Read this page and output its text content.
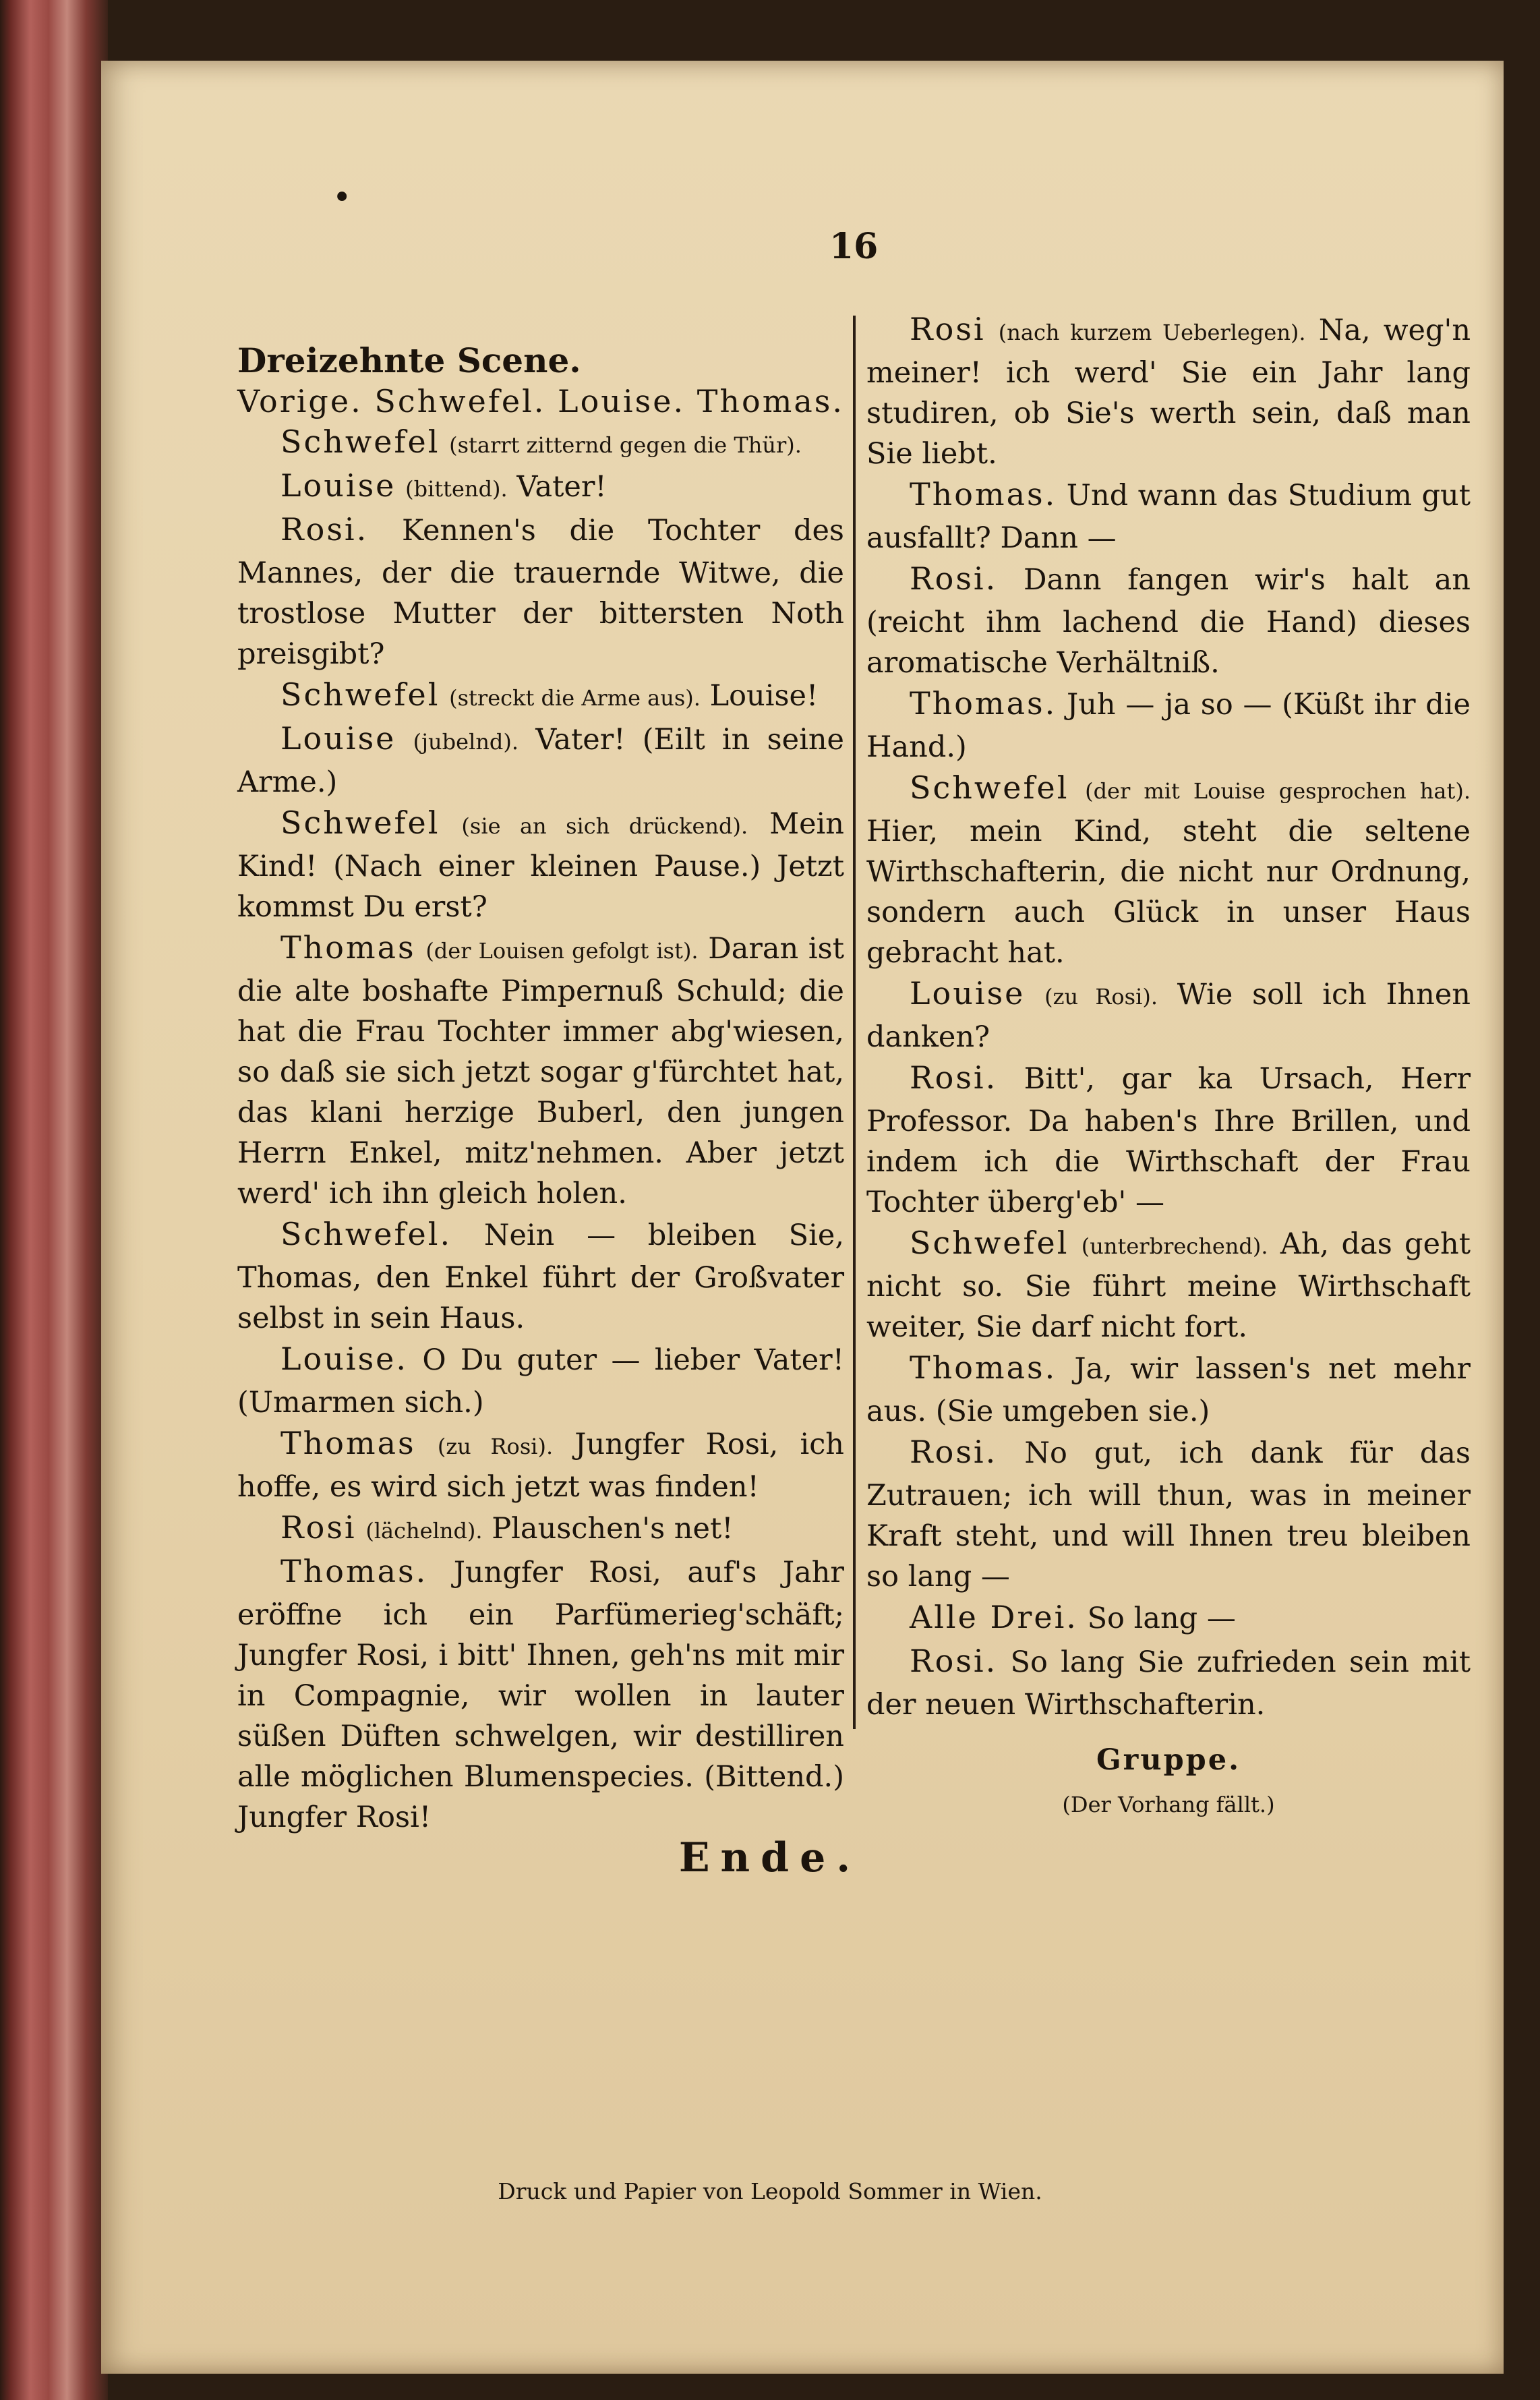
•
16

Dreizehnte Scene.

Vorige. Schwefel. Louise. Thomas.

Schwefel (starrt zitternd gegen die Thür).

Louise (bittend). Vater!

Rosi. Kennen's die Tochter des Mannes, der die trauernde Witwe, die trostlose Mutter der bittersten Noth preisgibt?

Schwefel (streckt die Arme aus). Louise!

Louise (jubelnd). Vater! (Eilt in seine Arme.)

Schwefel (sie an sich drückend). Mein Kind! (Nach einer kleinen Pause.) Jetzt kommst Du erst?

Thomas (der Louisen gefolgt ist). Daran ist die alte boshafte Pimpernuß Schuld; die hat die Frau Tochter immer abg'wiesen, so daß sie sich jetzt sogar g'fürchtet hat, das klani herzige Buberl, den jungen Herrn Enkel, mitz'nehmen. Aber jetzt werd' ich ihn gleich holen.

Schwefel. Nein — bleiben Sie, Thomas, den Enkel führt der Großvater selbst in sein Haus.

Louise. O Du guter — lieber Vater! (Umarmen sich.)

Thomas (zu Rosi). Jungfer Rosi, ich hoffe, es wird sich jetzt was finden!

Rosi (lächelnd). Plauschen's net!

Thomas. Jungfer Rosi, auf's Jahr eröffne ich ein Parfümerieg'schäft; Jungfer Rosi, i bitt' Ihnen, geh'ns mit mir in Compagnie, wir wollen in lauter süßen Düften schwelgen, wir destilliren alle möglichen Blumenspecies. (Bittend.) Jungfer Rosi!

Rosi (nach kurzem Ueberlegen). Na, weg'n meiner! ich werd' Sie ein Jahr lang studiren, ob Sie's werth sein, daß man Sie liebt.

Thomas. Und wann das Studium gut ausfallt? Dann —

Rosi. Dann fangen wir's halt an (reicht ihm lachend die Hand) dieses aromatische Verhältniß.

Thomas. Juh — ja so — (Küßt ihr die Hand.)

Schwefel (der mit Louise gesprochen hat). Hier, mein Kind, steht die seltene Wirthschafterin, die nicht nur Ordnung, sondern auch Glück in unser Haus gebracht hat.

Louise (zu Rosi). Wie soll ich Ihnen danken?

Rosi. Bitt', gar ka Ursach, Herr Professor. Da haben's Ihre Brillen, und indem ich die Wirthschaft der Frau Tochter überg'eb' —

Schwefel (unterbrechend). Ah, das geht nicht so. Sie führt meine Wirthschaft weiter, Sie darf nicht fort.

Thomas. Ja, wir lassen's net mehr aus. (Sie umgeben sie.)

Rosi. No gut, ich dank für das Zutrauen; ich will thun, was in meiner Kraft steht, und will Ihnen treu bleiben so lang —

Alle Drei. So lang —

Rosi. So lang Sie zufrieden sein mit der neuen Wirthschafterin.

Gruppe.

(Der Vorhang fällt.)

Ende.
Druck und Papier von Leopold Sommer in Wien.
